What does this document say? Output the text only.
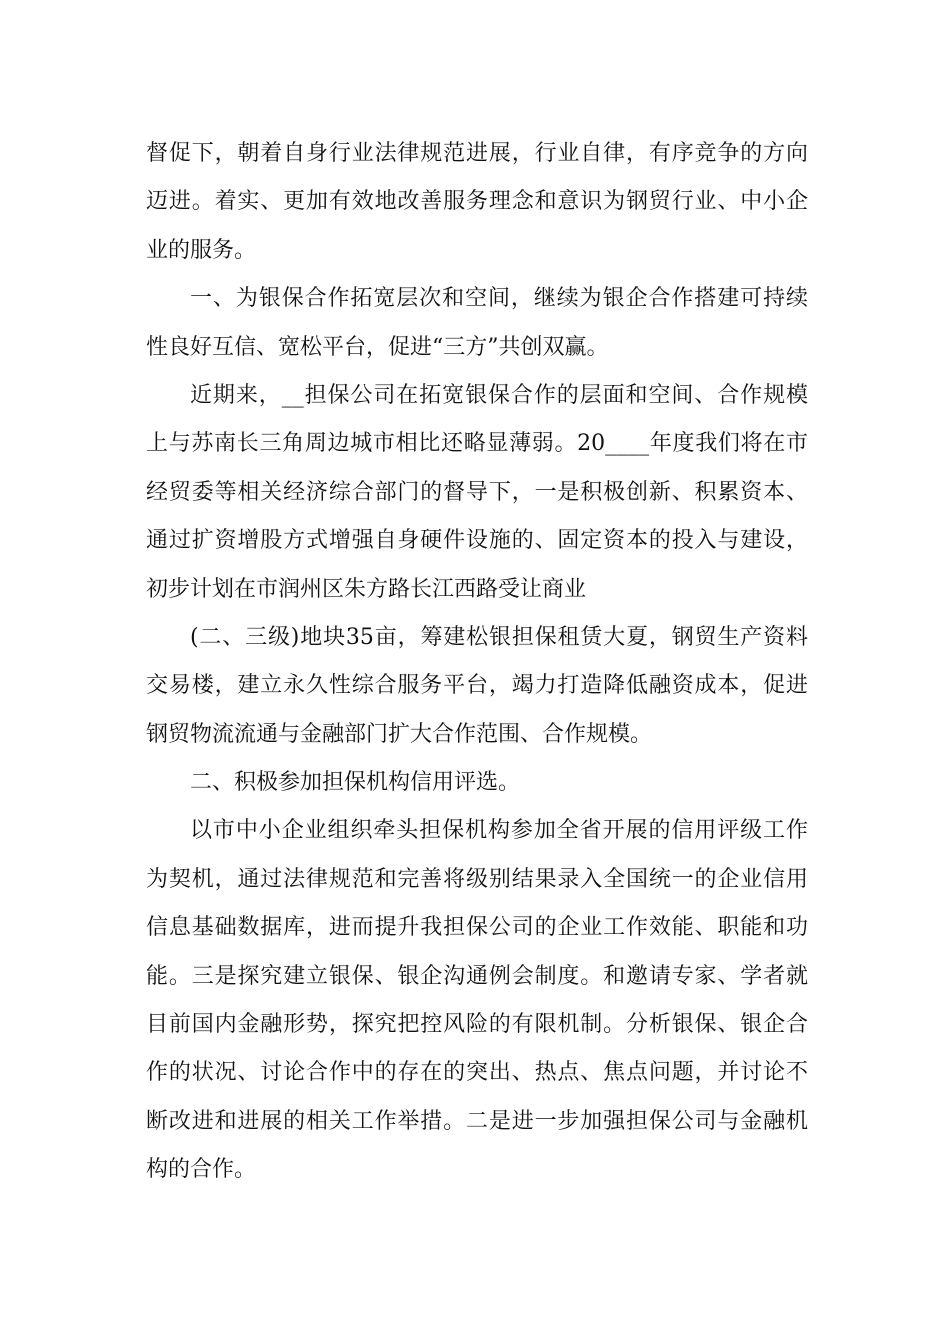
督促下，朝着自身行业法律规范进展，行业自律，有序竞争的方向
迈进。着实、更加有效地改善服务理念和意识为钢贸行业、中小企
业的服务。
一、为银保合作拓宽层次和空间，继续为银企合作搭建可持续
性良好互信、宽松平台，促进“三方”共创双赢。
近期来，__担保公司在拓宽银保合作的层面和空间、合作规模
上与苏南长三角周边城市相比还略显薄弱。20____年度我们将在市
经贸委等相关经济综合部门的督导下，一是积极创新、积累资本、
通过扩资增股方式增强自身硬件设施的、固定资本的投入与建设，
初步计划在市润州区朱方路长江西路受让商业
(二、三级)地块35亩，筹建松银担保租赁大夏，钢贸生产资料
交易楼，建立永久性综合服务平台，竭力打造降低融资成本，促进
钢贸物流流通与金融部门扩大合作范围、合作规模。
二、积极参加担保机构信用评选。
以市中小企业组织牵头担保机构参加全省开展的信用评级工作
为契机，通过法律规范和完善将级别结果录入全国统一的企业信用
信息基础数据库，进而提升我担保公司的企业工作效能、职能和功
能。三是探究建立银保、银企沟通例会制度。和邀请专家、学者就
目前国内金融形势，探究把控风险的有限机制。分析银保、银企合
作的状况、讨论合作中的存在的突出、热点、焦点问题，并讨论不
断改进和进展的相关工作举措。二是进一步加强担保公司与金融机
构的合作。
